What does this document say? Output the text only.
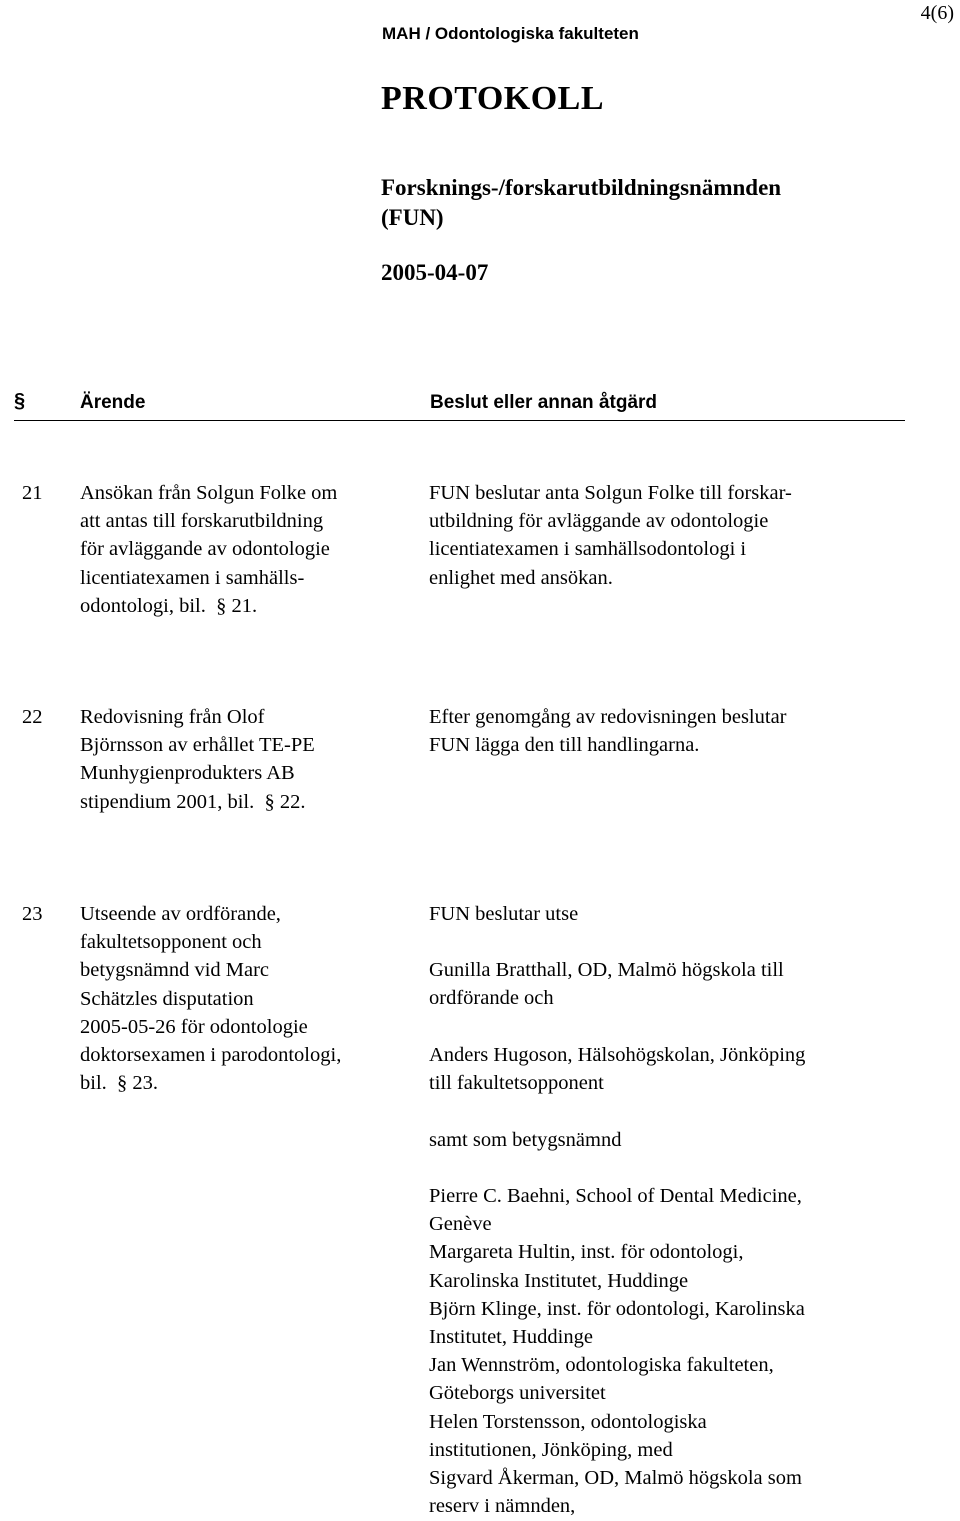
4(6)
MAH / Odontologiska fakulteten
PROTOKOLL
Forsknings-/forskarutbildningsnämnden
(FUN)
2005-04-07
§	Ärende	Beslut eller annan åtgärd
21 Ansökan från Solgun Folke om
att antas till forskarutbildning
för avläggande av odontologie
licentiatexamen i samhälls-
odontologi, bil.  § 21.
FUN beslutar anta Solgun Folke till forskar-
utbildning för avläggande av odontologie
licentiatexamen i samhällsodontologi i
enlighet med ansökan.
22 Redovisning från Olof
Björnsson av erhållet TE-PE
Munhygienprodukters AB
stipendium 2001, bil.  § 22.
Efter genomgång av redovisningen beslutar
FUN lägga den till handlingarna.
23 Utseende av ordförande,
fakultetsopponent och
betygsnämnd vid Marc
Schätzles disputation
2005-05-26 för odontologie
doktorsexamen i parodontologi,
bil.  § 23.
FUN beslutar utse
Gunilla Bratthall, OD, Malmö högskola till
ordförande och
Anders Hugoson, Hälsohögskolan, Jönköping
till fakultetsopponent
samt som betygsnämnd
Pierre C. Baehni, School of Dental Medicine,
Genève
Margareta Hultin, inst. för odontologi,
Karolinska Institutet, Huddinge
Björn Klinge, inst. för odontologi, Karolinska
Institutet, Huddinge
Jan Wennström, odontologiska fakulteten,
Göteborgs universitet
Helen Torstensson, odontologiska
institutionen, Jönköping, med
Sigvard Åkerman, OD, Malmö högskola som
reserv i nämnden,
